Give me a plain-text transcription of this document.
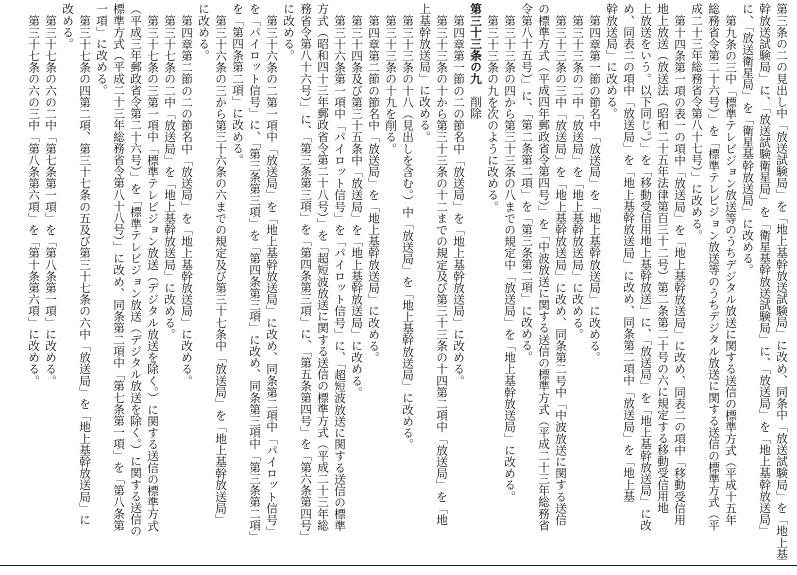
第三条の二の見出し中「放送試験局」を「地上基幹放送試験局」に改め、同条中「放送試験局」を「地上基
幹放送試験局」に、「放送試験衛星局」を「衛星基幹放送試験局」に、「放送局」を「地上基幹放送局」
に、「放送衛星局」を「衛星基幹放送局」に改める。
第九条の三中「標準テレビジョン放送等のうちデジタル放送に関する送信の標準方式（平成十五年
総務省令第二十六号）」を「標準テレビジョン放送等のうちデジタル放送に関する送信の標準方式（平
成二十三年総務省令第八十七号）」に改める。
第十四条第一項の表一の項中「放送局」を「地上基幹放送局」に改め、同表二の項中「移動受信用
地上放送（放送法（昭和二十五年法律第百三十二号）第二条第二十号の六に規定する移動受信用地
上放送をいう。以下同じ。）」を「移動受信用地上基幹放送」に、「放送局」を「地上基幹放送局」に改
め、同表二の項中「放送局」を「地上基幹放送局」に改め、同条第二項中「放送局」を「地上基
幹放送局」に改める。
第四章第一節の節名中「放送局」を「地上基幹放送局」に改める。
第三十三条の二中「放送局」を「地上基幹放送局」に改める。
第三十三条の三中「放送局」を「地上基幹放送局」に改め、同条第二号中「中波放送に関する送信
の標準方式（平成四年郵政省令第四号）」を「中波放送に関する送信の標準方式（平成二十三年総務省
令第八十五号）」に、「第二条第二項」を「第三条第二項」に改める。
第三十三条の四から第三十三条の八までの規定中「放送局」を「地上基幹放送局」に改める。
第三十三条の九を次のように改める。
第三十三条の九　削除
第四章第一節の二の節名中「放送局」を「地上基幹放送局」に改める。
第三十三条の十から第三十三条の十二までの規定及び第三十三条の十四第二項中「放送局」を「地
上基幹放送局」に改める。
第三十三条の十八（見出しを含む。）中「放送局」を「地上基幹放送局」に改める。
第三十三条の十九を削る。
第四章第二節の節名中「放送局」を「地上基幹放送局」に改める。
第三十四条及び第三十五条中「放送局」を「地上基幹放送局」に改める。
第三十六条第一項中「パイロット信号」を「パイロット信号」に、「超短波放送に関する送信の標準
方式（昭和四十三年郵政省令第二十八号）」を「超短波放送に関する送信の標準方式（平成二十三年総
務省令第八十六号）」に、「第三条第三項」を「第四条第三項」に、「第五条第四号」を「第六条第四号」
に改める。
第三十六条の二第一項中「放送局」を「地上基幹放送局」に改め、同条第二項中「パイロット信号」
を「パイロット信号」に、「第三条第三項」を「第四条第三項」に改め、同条第三項中「第三条第二項」
を「第四条第二項」に改める。
第三十六条の三から第三十六条の六までの規定及び第三十七条中「放送局」を「地上基幹放送局」
に改める。
第四章第二節の二の節名中「放送局」を「地上基幹放送局」に改める。
第三十七条の二中「放送局」を「地上基幹放送局」に改める。
第三十七条の三第一項中「標準テレビジョン放送（デジタル放送を除く。）に関する送信の標準方式
（平成三年郵政省令第二十六号）」を「標準テレビジョン放送（デジタル放送を除く。）に関する送信の
標準方式（平成二十三年総務省令第八十八号）」に改め、同条第二項中「第七条第一項」を「第八条第
一項」に改める。
第三十七条の四第二項、第三十七条の五及び第三十七条の六中「放送局」を「地上基幹放送局」に
改める。
第三十七条の六の二中「第七条第一項」を「第八条第一項」に改める。
第三十七条の六の三中「第八条第六項」を「第十条第六項」に改める。
